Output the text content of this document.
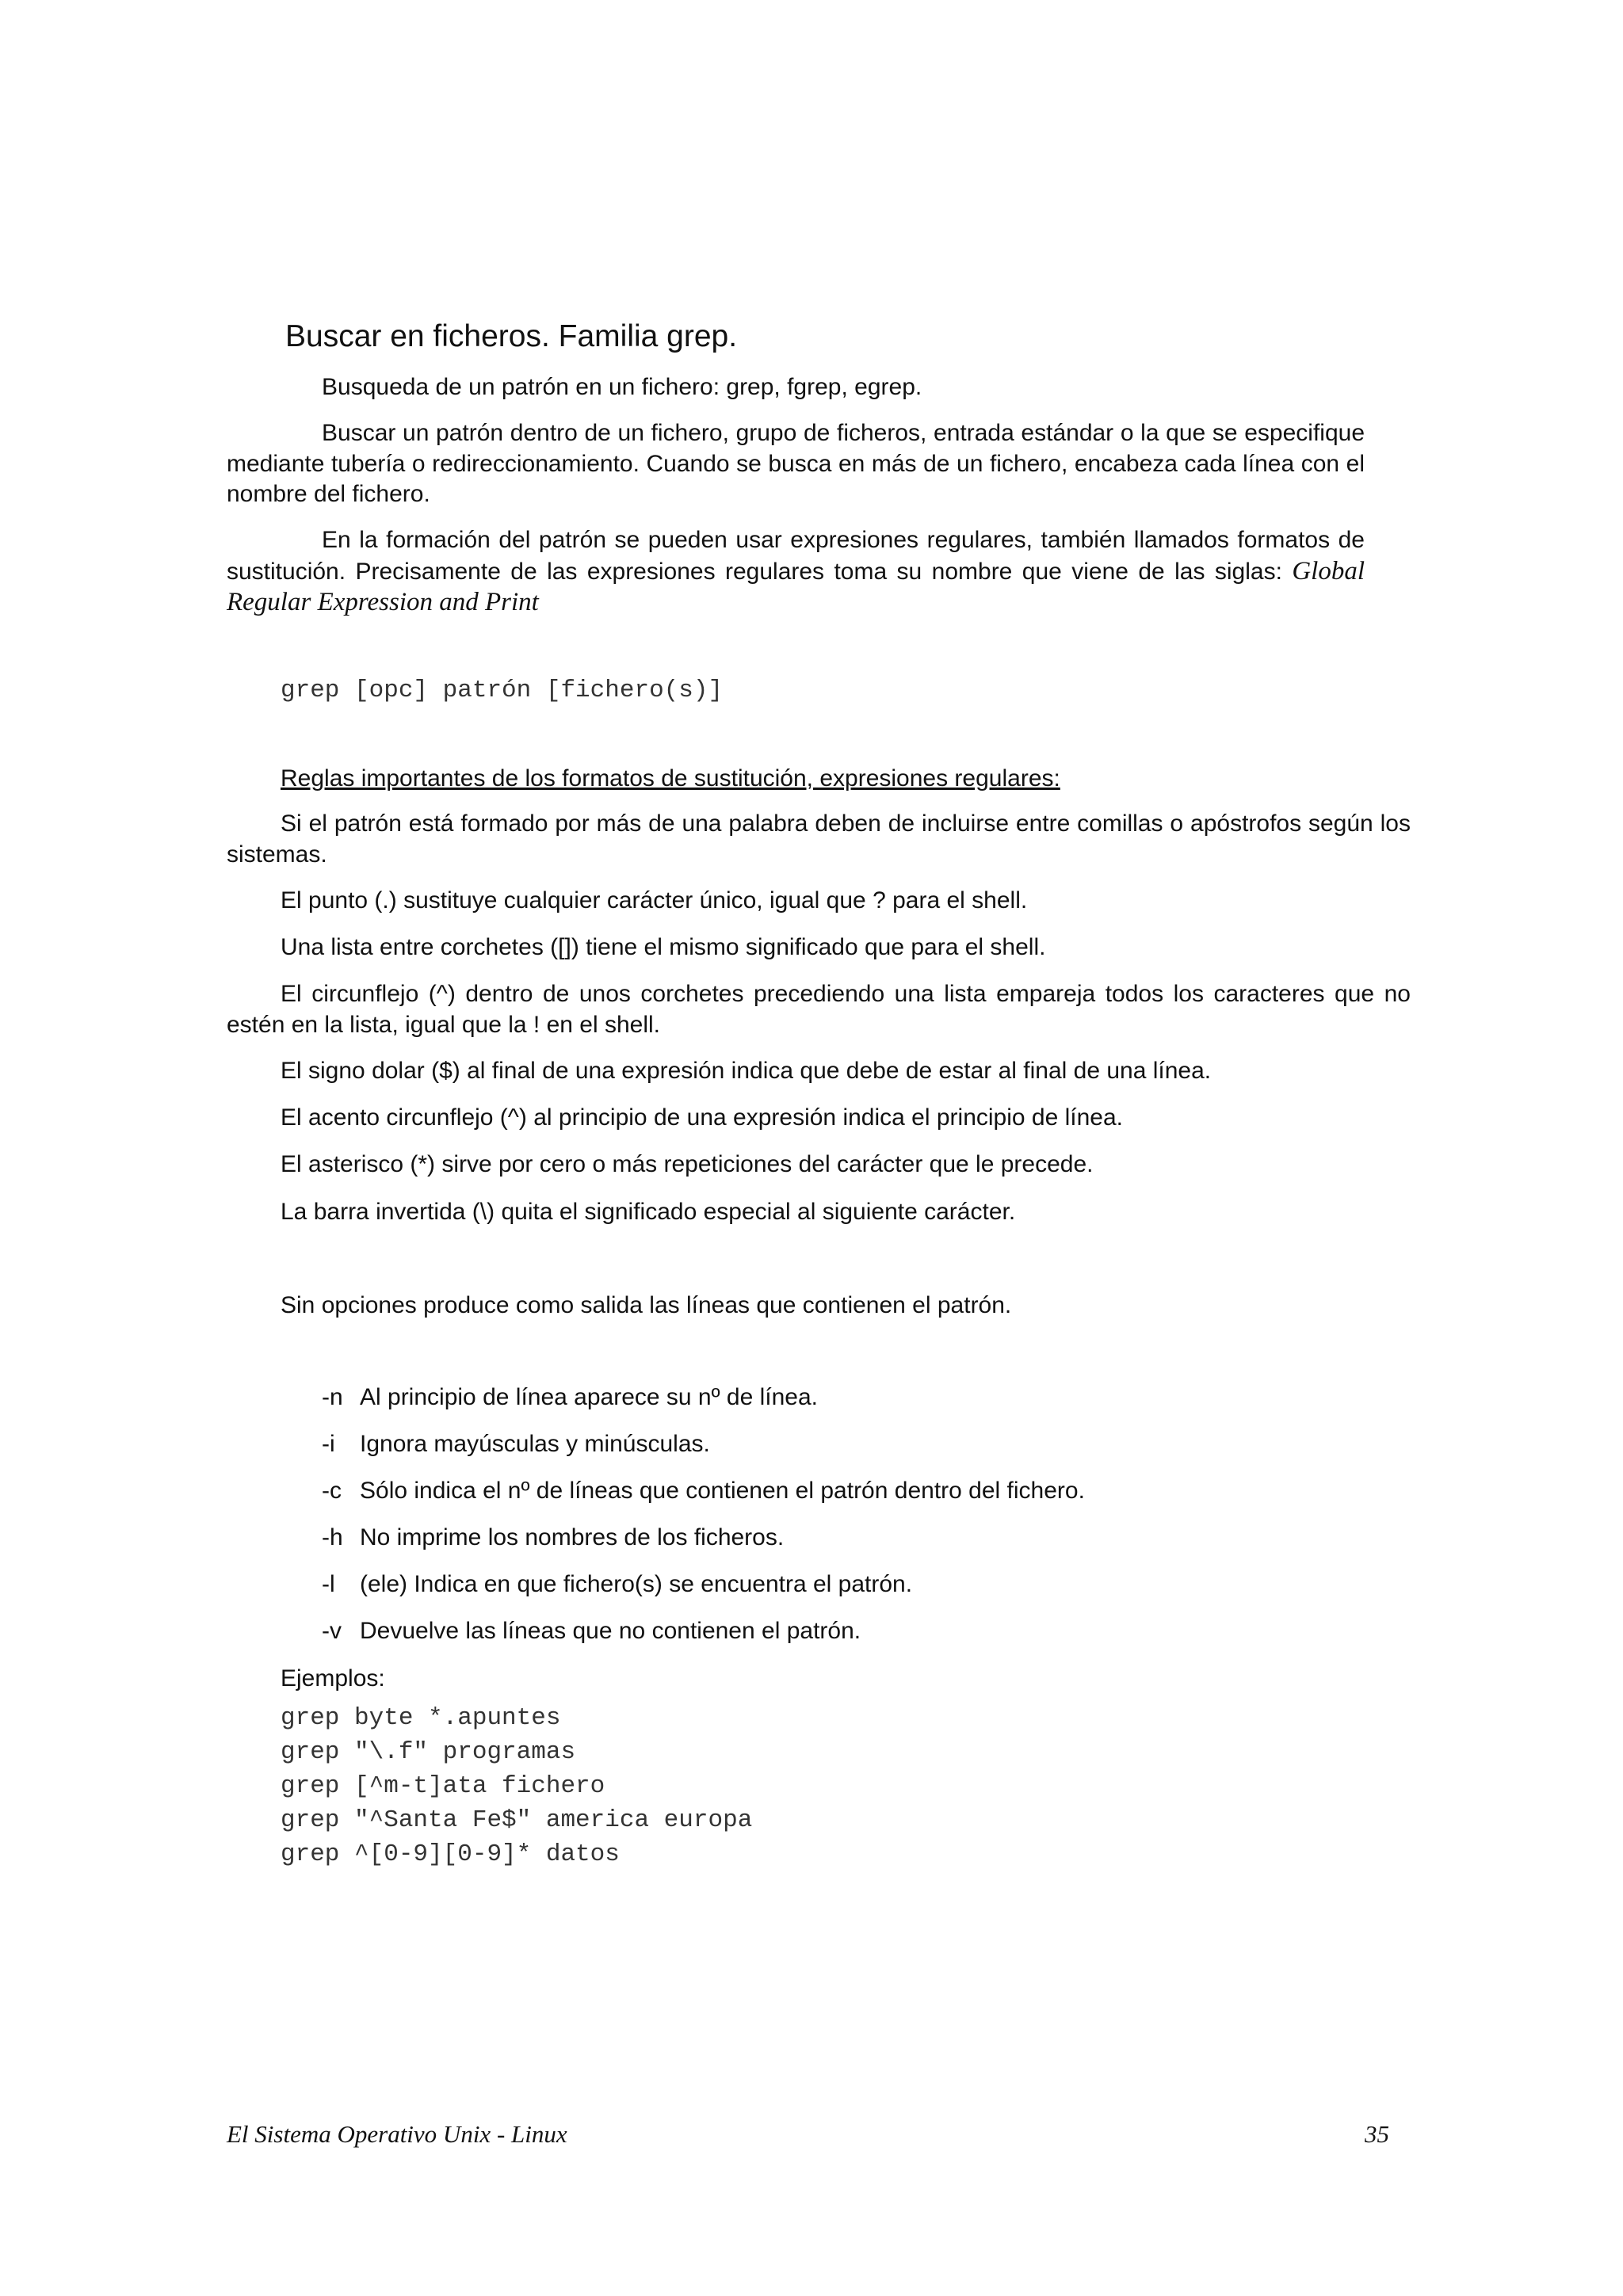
Buscar en ficheros. Familia grep.
Busqueda de un patrón en un fichero: grep, fgrep, egrep.
Buscar un patrón dentro de un fichero, grupo de ficheros, entrada estándar o la que se especifique mediante tubería o redireccionamiento. Cuando se busca en más de un fichero, encabeza cada línea con el nombre del fichero.
En la formación del patrón se pueden usar expresiones regulares, también llamados formatos de sustitución. Precisamente de las expresiones regulares toma su nombre que viene de las siglas: Global Regular Expression and Print
grep [opc] patrón [fichero(s)]
Reglas importantes de los formatos de sustitución, expresiones regulares:
Si el patrón está formado por más de una palabra deben de incluirse entre comillas o apóstrofos según los sistemas.
El punto (.) sustituye cualquier carácter único, igual que ? para el shell.
Una lista entre corchetes ([]) tiene el mismo significado que para el shell.
El circunflejo (^) dentro de unos corchetes precediendo una lista empareja todos los caracteres que no estén en la lista, igual que la ! en el shell.
El signo dolar ($) al final de una expresión indica que debe de estar al final de una línea.
El acento circunflejo (^) al principio de una expresión indica el principio de línea.
El asterisco (*) sirve por cero o más repeticiones del carácter que le precede.
La barra invertida (\) quita el significado especial al siguiente carácter.
Sin opciones produce como salida las líneas que contienen el patrón.
-n Al principio de línea aparece su nº de línea.
-i	Ignora mayúsculas y minúsculas.
-c Sólo indica el nº de líneas que contienen el patrón dentro del fichero.
-h No imprime los nombres de los ficheros.
-l	(ele) Indica en que fichero(s) se encuentra el patrón.
-v Devuelve las líneas que no contienen el patrón.
Ejemplos:
grep byte *.apuntes
grep "\.f" programas
grep [^m-t]ata fichero
grep "^Santa Fe$" america europa
grep ^[0-9][0-9]* datos
El Sistema Operativo Unix - Linux	35
